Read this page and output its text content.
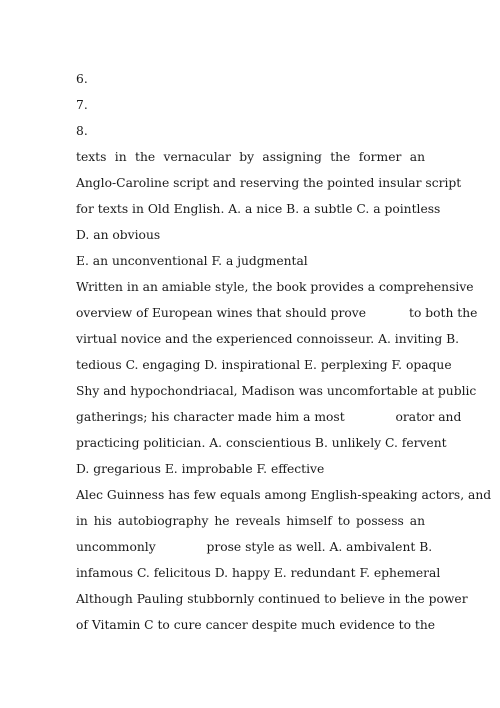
6.
7.
8.
texts in the vernacular by assigning the former an
Anglo-Caroline script and reserving the pointed insular script
for texts in Old English. A. a nice B. a subtle C. a pointless
D. an obvious
E. an unconventional F. a judgmental
Written in an amiable style, the book provides a comprehensive
overview of European wines that should prove           to both the
virtual novice and the experienced connoisseur. A. inviting B.
tedious C. engaging D. inspirational E. perplexing F. opaque
Shy and hypochondriacal, Madison was uncomfortable at public
gatherings; his character made him a most             orator and
practicing politician. A. conscientious B. unlikely C. fervent
D. gregarious E. improbable F. effective
Alec Guinness has few equals among English-speaking actors, and
in his autobiography he reveals himself to possess an
uncommonly             prose style as well. A. ambivalent B.
infamous C. felicitous D. happy E. redundant F. ephemeral
Although Pauling stubbornly continued to believe in the power
of Vitamin C to cure cancer despite much evidence to the
